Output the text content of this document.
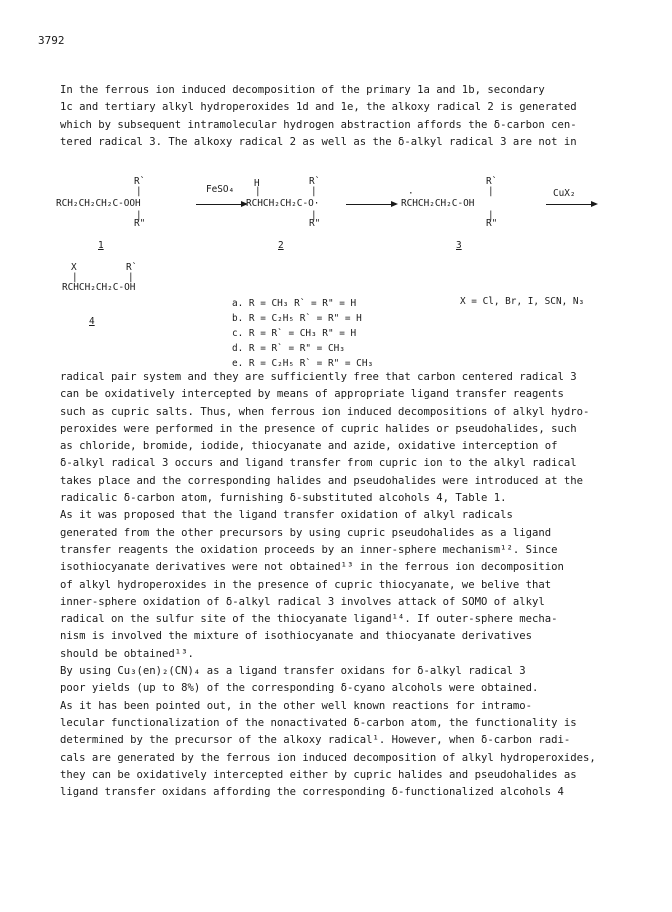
3792
In the ferrous ion induced decomposition of the primary 1a and 1b, secondary
1c and tertiary alkyl hydroperoxides 1d and 1e, the alkoxy radical 2 is generated
which by subsequent intramolecular hydrogen abstraction affords the δ-carbon cen-
tered radical 3. The alkoxy radical 2 as well as the δ-alkyl radical 3 are not in
R`
|
RCH₂CH₂CH₂C-OOH
|
R"
1
FeSO₄
H
|
R`
|
RCHCH₂CH₂C-O·
|
R"
2
·
R`
|
RCHCH₂CH₂C-OH
|
R"
3
CuX₂
X
|
R`
|
RCHCH₂CH₂C-OH
4
a. R = CH₃ R` = R" = H
b. R = C₂H₅ R` = R" = H
c. R = R` = CH₃ R" = H
d. R = R` = R" = CH₃
e. R = C₂H₅ R` = R" = CH₃
X = Cl, Br, I, SCN, N₃
radical pair system and they are sufficiently free that carbon centered radical 3
can be oxidatively intercepted by means of appropriate ligand transfer reagents
such as cupric salts. Thus, when ferrous ion induced decompositions of alkyl hydro-
peroxides were performed in the presence of cupric halides or pseudohalides, such
as chloride, bromide, iodide, thiocyanate and azide, oxidative interception of
δ-alkyl radical 3 occurs and ligand transfer from cupric ion to the alkyl radical
takes place and the corresponding halides and pseudohalides were introduced at the
radicalic δ-carbon atom, furnishing δ-substituted alcohols 4, Table 1.
As it was proposed that the ligand transfer oxidation of alkyl radicals
generated from the other precursors by using cupric pseudohalides as a ligand
transfer reagents the oxidation proceeds by an inner-sphere mechanism¹². Since
isothiocyanate derivatives were not obtained¹³ in the ferrous ion decomposition
of alkyl hydroperoxides in the presence of cupric thiocyanate, we belive that
inner-sphere oxidation of δ-alkyl radical 3 involves attack of SOMO of alkyl
radical on the sulfur site of the thiocyanate ligand¹⁴. If outer-sphere mecha-
nism is involved the mixture of isothiocyanate and thiocyanate derivatives
should be obtained¹³.
By using Cu₃(en)₂(CN)₄ as a ligand transfer oxidans for δ-alkyl radical 3
poor yields (up to 8%) of the corresponding δ-cyano alcohols were obtained.
As it has been pointed out, in the other well known reactions for intramo-
lecular functionalization of the nonactivated δ-carbon atom, the functionality is
determined by the precursor of the alkoxy radical¹. However, when δ-carbon radi-
cals are generated by the ferrous ion induced decomposition of alkyl hydroperoxides,
they can be oxidatively intercepted either by cupric halides and pseudohalides as
ligand transfer oxidans affording the corresponding δ-functionalized alcohols 4
